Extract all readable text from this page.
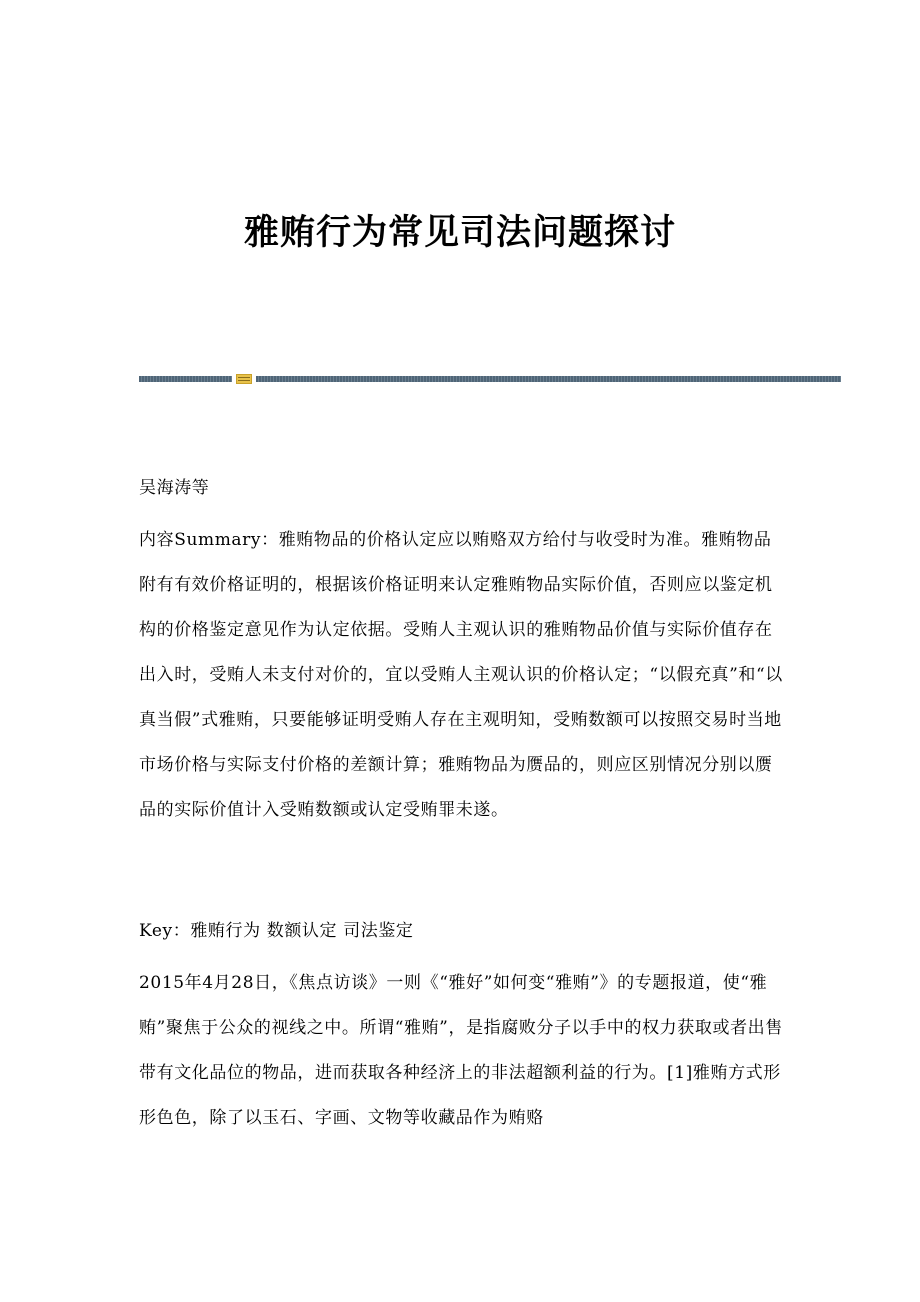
雅贿行为常见司法问题探讨

吴海涛等

内容Summary：雅贿物品的价格认定应以贿赂双方给付与收受时为准。雅贿物品附有有效价格证明的，根据该价格证明来认定雅贿物品实际价值，否则应以鉴定机构的价格鉴定意见作为认定依据。受贿人主观认识的雅贿物品价值与实际价值存在出入时，受贿人未支付对价的，宜以受贿人主观认识的价格认定；“以假充真”和“以真当假”式雅贿，只要能够证明受贿人存在主观明知，受贿数额可以按照交易时当地市场价格与实际支付价格的差额计算；雅贿物品为赝品的，则应区别情况分别以赝品的实际价值计入受贿数额或认定受贿罪未遂。

Key：雅贿行为 数额认定 司法鉴定

2015年4月28日，《焦点访谈》一则《“雅好”如何变“雅贿”》的专题报道，使“雅贿”聚焦于公众的视线之中。所谓“雅贿”，是指腐败分子以手中的权力获取或者出售带有文化品位的物品，进而获取各种经济上的非法超额利益的行为。[1]雅贿方式形形色色，除了以玉石、字画、文物等收藏品作为贿赂
